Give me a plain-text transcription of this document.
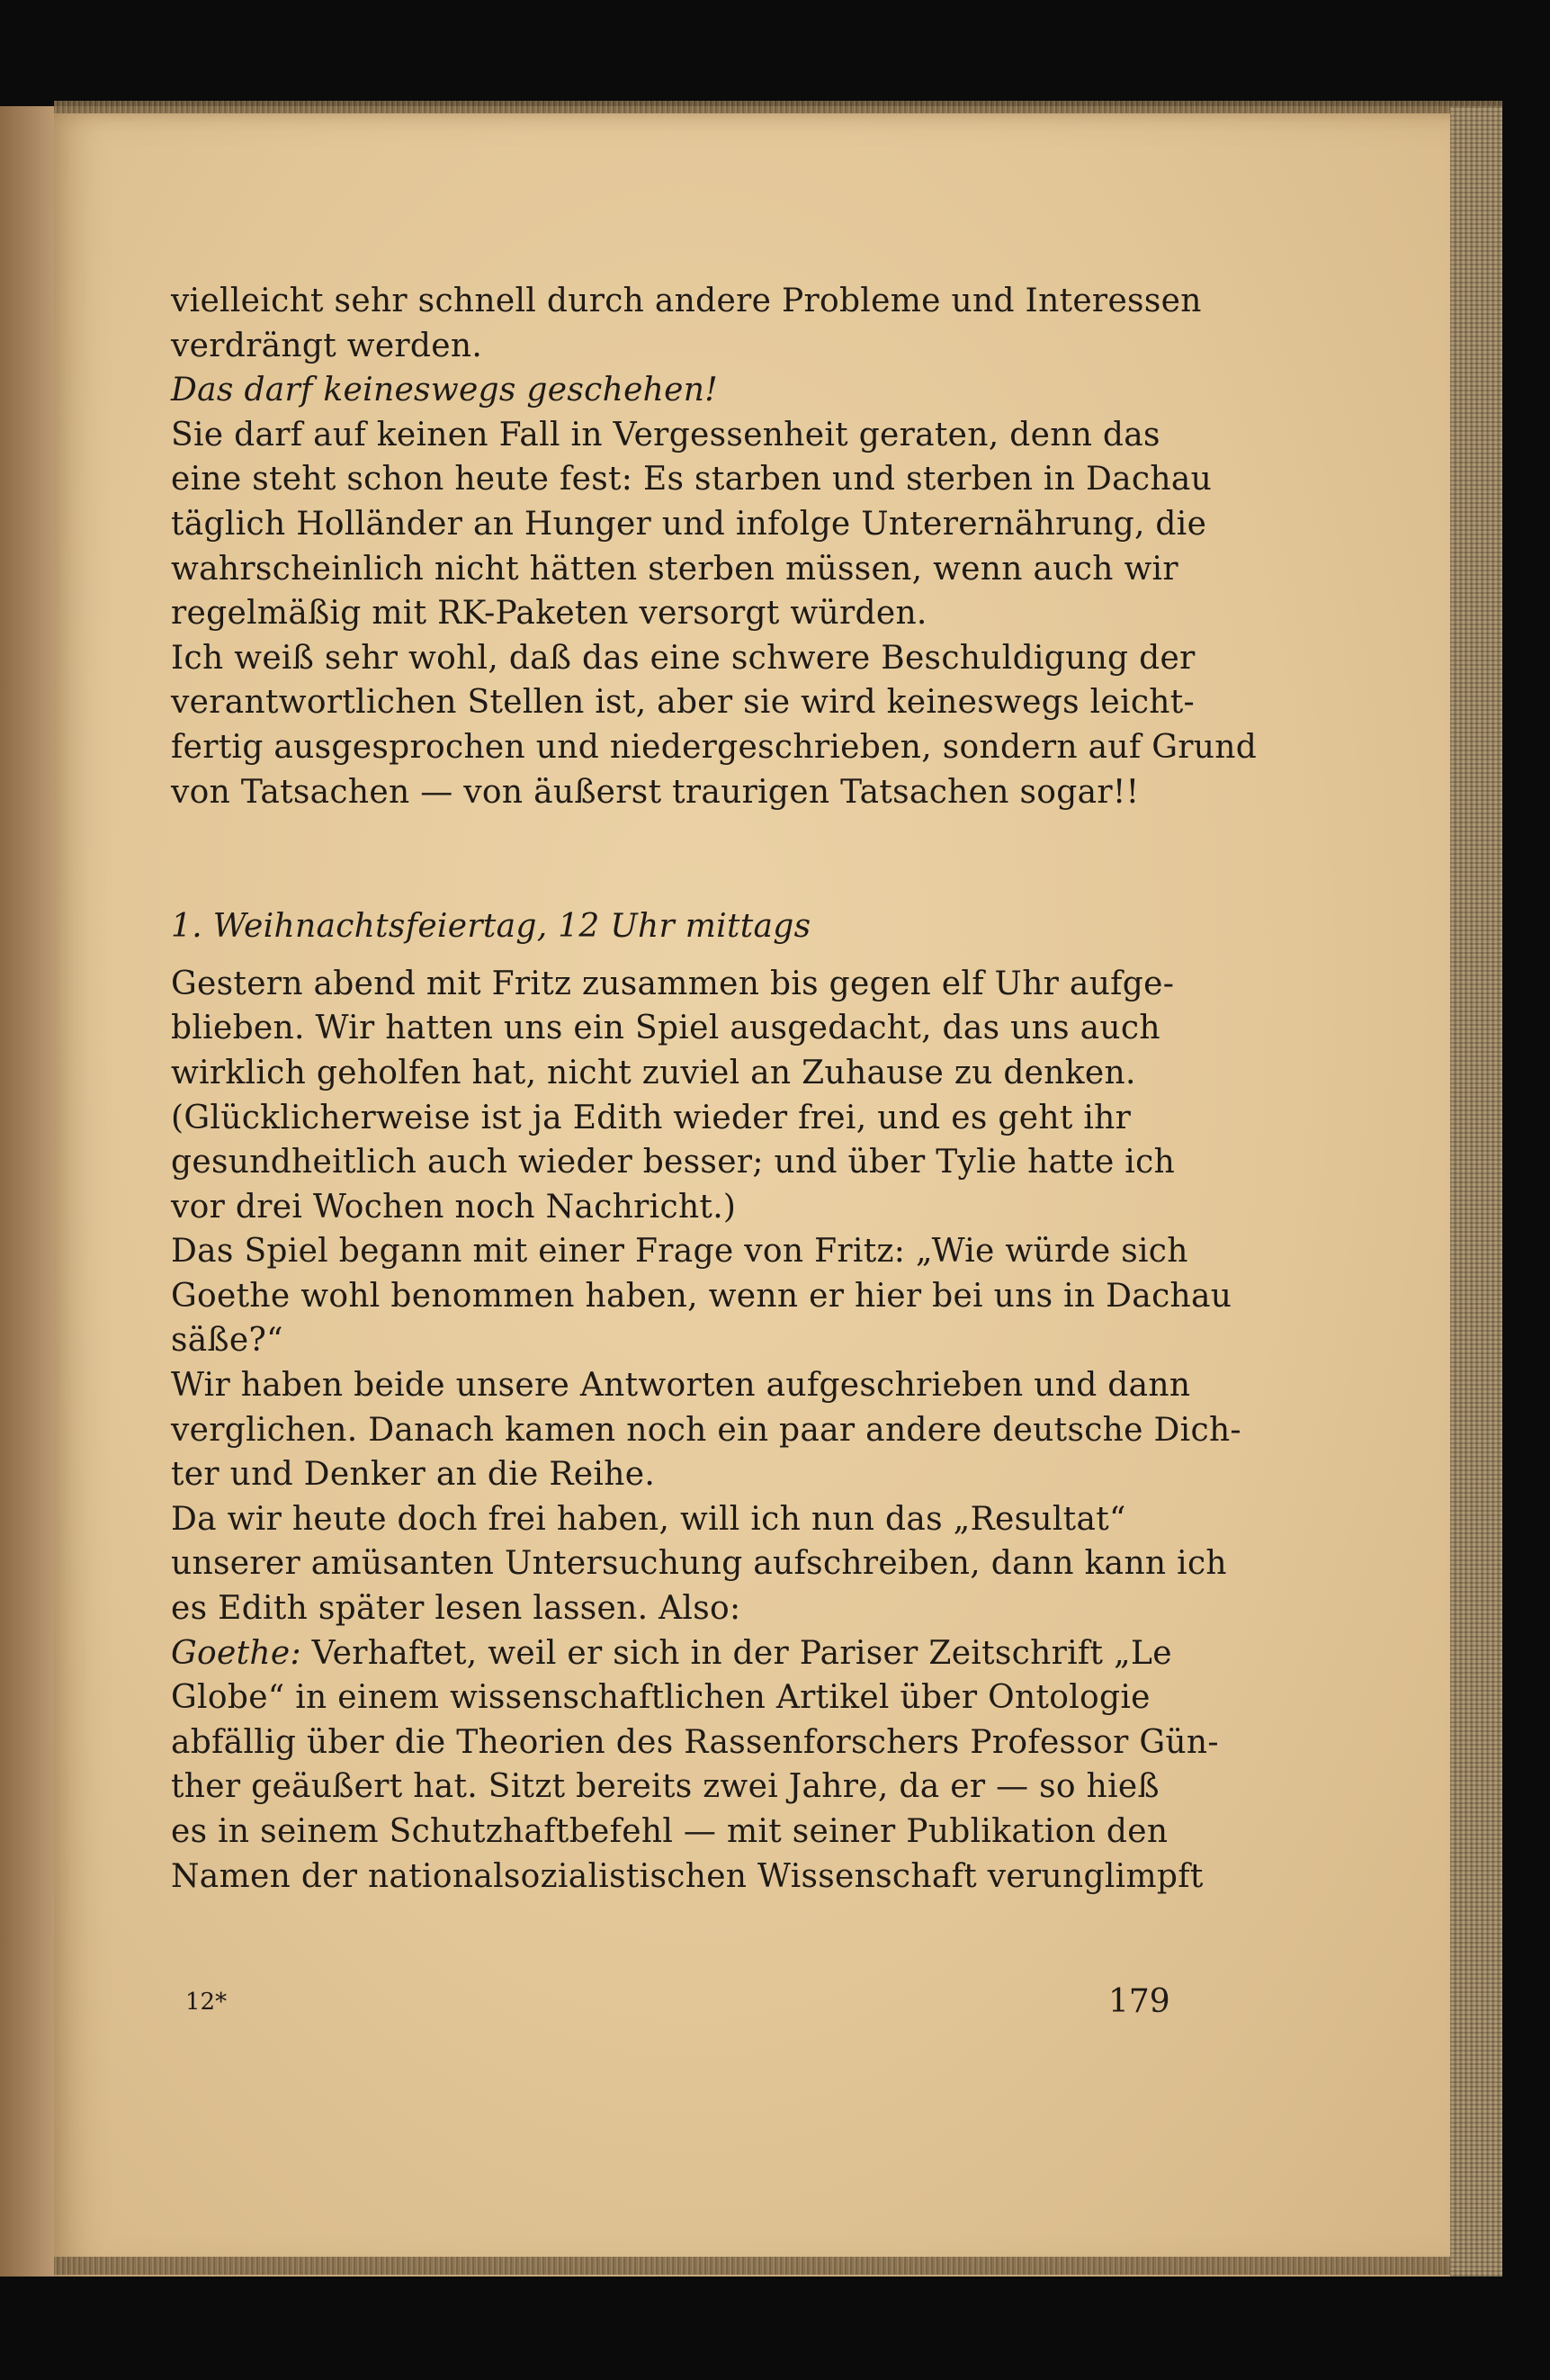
vielleicht sehr schnell durch andere Probleme und Interessen
verdrängt werden.
Das darf keineswegs geschehen!
Sie darf auf keinen Fall in Vergessenheit geraten, denn das
eine steht schon heute fest: Es starben und sterben in Dachau
täglich Holländer an Hunger und infolge Unterernährung, die
wahrscheinlich nicht hätten sterben müssen, wenn auch wir
regelmäßig mit RK-Paketen versorgt würden.
Ich weiß sehr wohl, daß das eine schwere Beschuldigung der
verantwortlichen Stellen ist, aber sie wird keineswegs leicht-
fertig ausgesprochen und niedergeschrieben, sondern auf Grund
von Tatsachen — von äußerst traurigen Tatsachen sogar!!
1. Weihnachtsfeiertag, 12 Uhr mittags
Gestern abend mit Fritz zusammen bis gegen elf Uhr aufge-
blieben. Wir hatten uns ein Spiel ausgedacht, das uns auch
wirklich geholfen hat, nicht zuviel an Zuhause zu denken.
(Glücklicherweise ist ja Edith wieder frei, und es geht ihr
gesundheitlich auch wieder besser; und über Tylie hatte ich
vor drei Wochen noch Nachricht.)
Das Spiel begann mit einer Frage von Fritz: „Wie würde sich
Goethe wohl benommen haben, wenn er hier bei uns in Dachau
säße?“
Wir haben beide unsere Antworten aufgeschrieben und dann
verglichen. Danach kamen noch ein paar andere deutsche Dich-
ter und Denker an die Reihe.
Da wir heute doch frei haben, will ich nun das „Resultat“
unserer amüsanten Untersuchung aufschreiben, dann kann ich
es Edith später lesen lassen. Also:
Goethe: Verhaftet, weil er sich in der Pariser Zeitschrift „Le
Globe“ in einem wissenschaftlichen Artikel über Ontologie
abfällig über die Theorien des Rassenforschers Professor Gün-
ther geäußert hat. Sitzt bereits zwei Jahre, da er — so hieß
es in seinem Schutzhaftbefehl — mit seiner Publikation den
Namen der nationalsozialistischen Wissenschaft verunglimpft
12*	179
